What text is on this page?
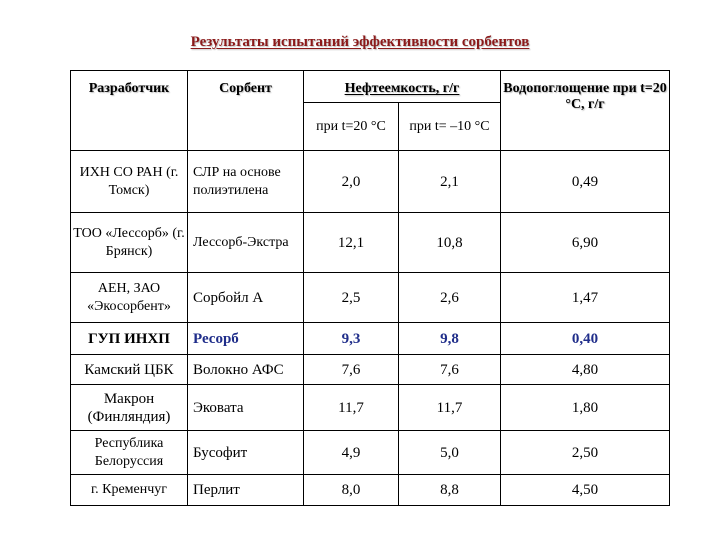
Результаты испытаний эффективности сорбентов
Разработчик	Сорбент	Нефтеемкость, г/г		Водопоглощение при t=20 °С, г/г

		при t=20 °С	при t= –10 °С	
ИХН СО РАН (г. Томск)	СЛР на основе полиэтилена	2,0	2,1	0,49
ТОО «Лессорб» (г. Брянск)	Лессорб-Экстра	12,1	10,8	6,90
АЕН, ЗАО «Экосорбент»	Сорбойл А	2,5	2,6	1,47
ГУП ИНХП	Ресорб	9,3	9,8	0,40
Камский ЦБК	Волокно АФС	7,6	7,6	4,80
Макрон (Финляндия)	Эковата	11,7	11,7	1,80
Республика Белоруссия	Бусофит	4,9	5,0	2,50
г. Кременчуг	Перлит	8,0	8,8	4,50
